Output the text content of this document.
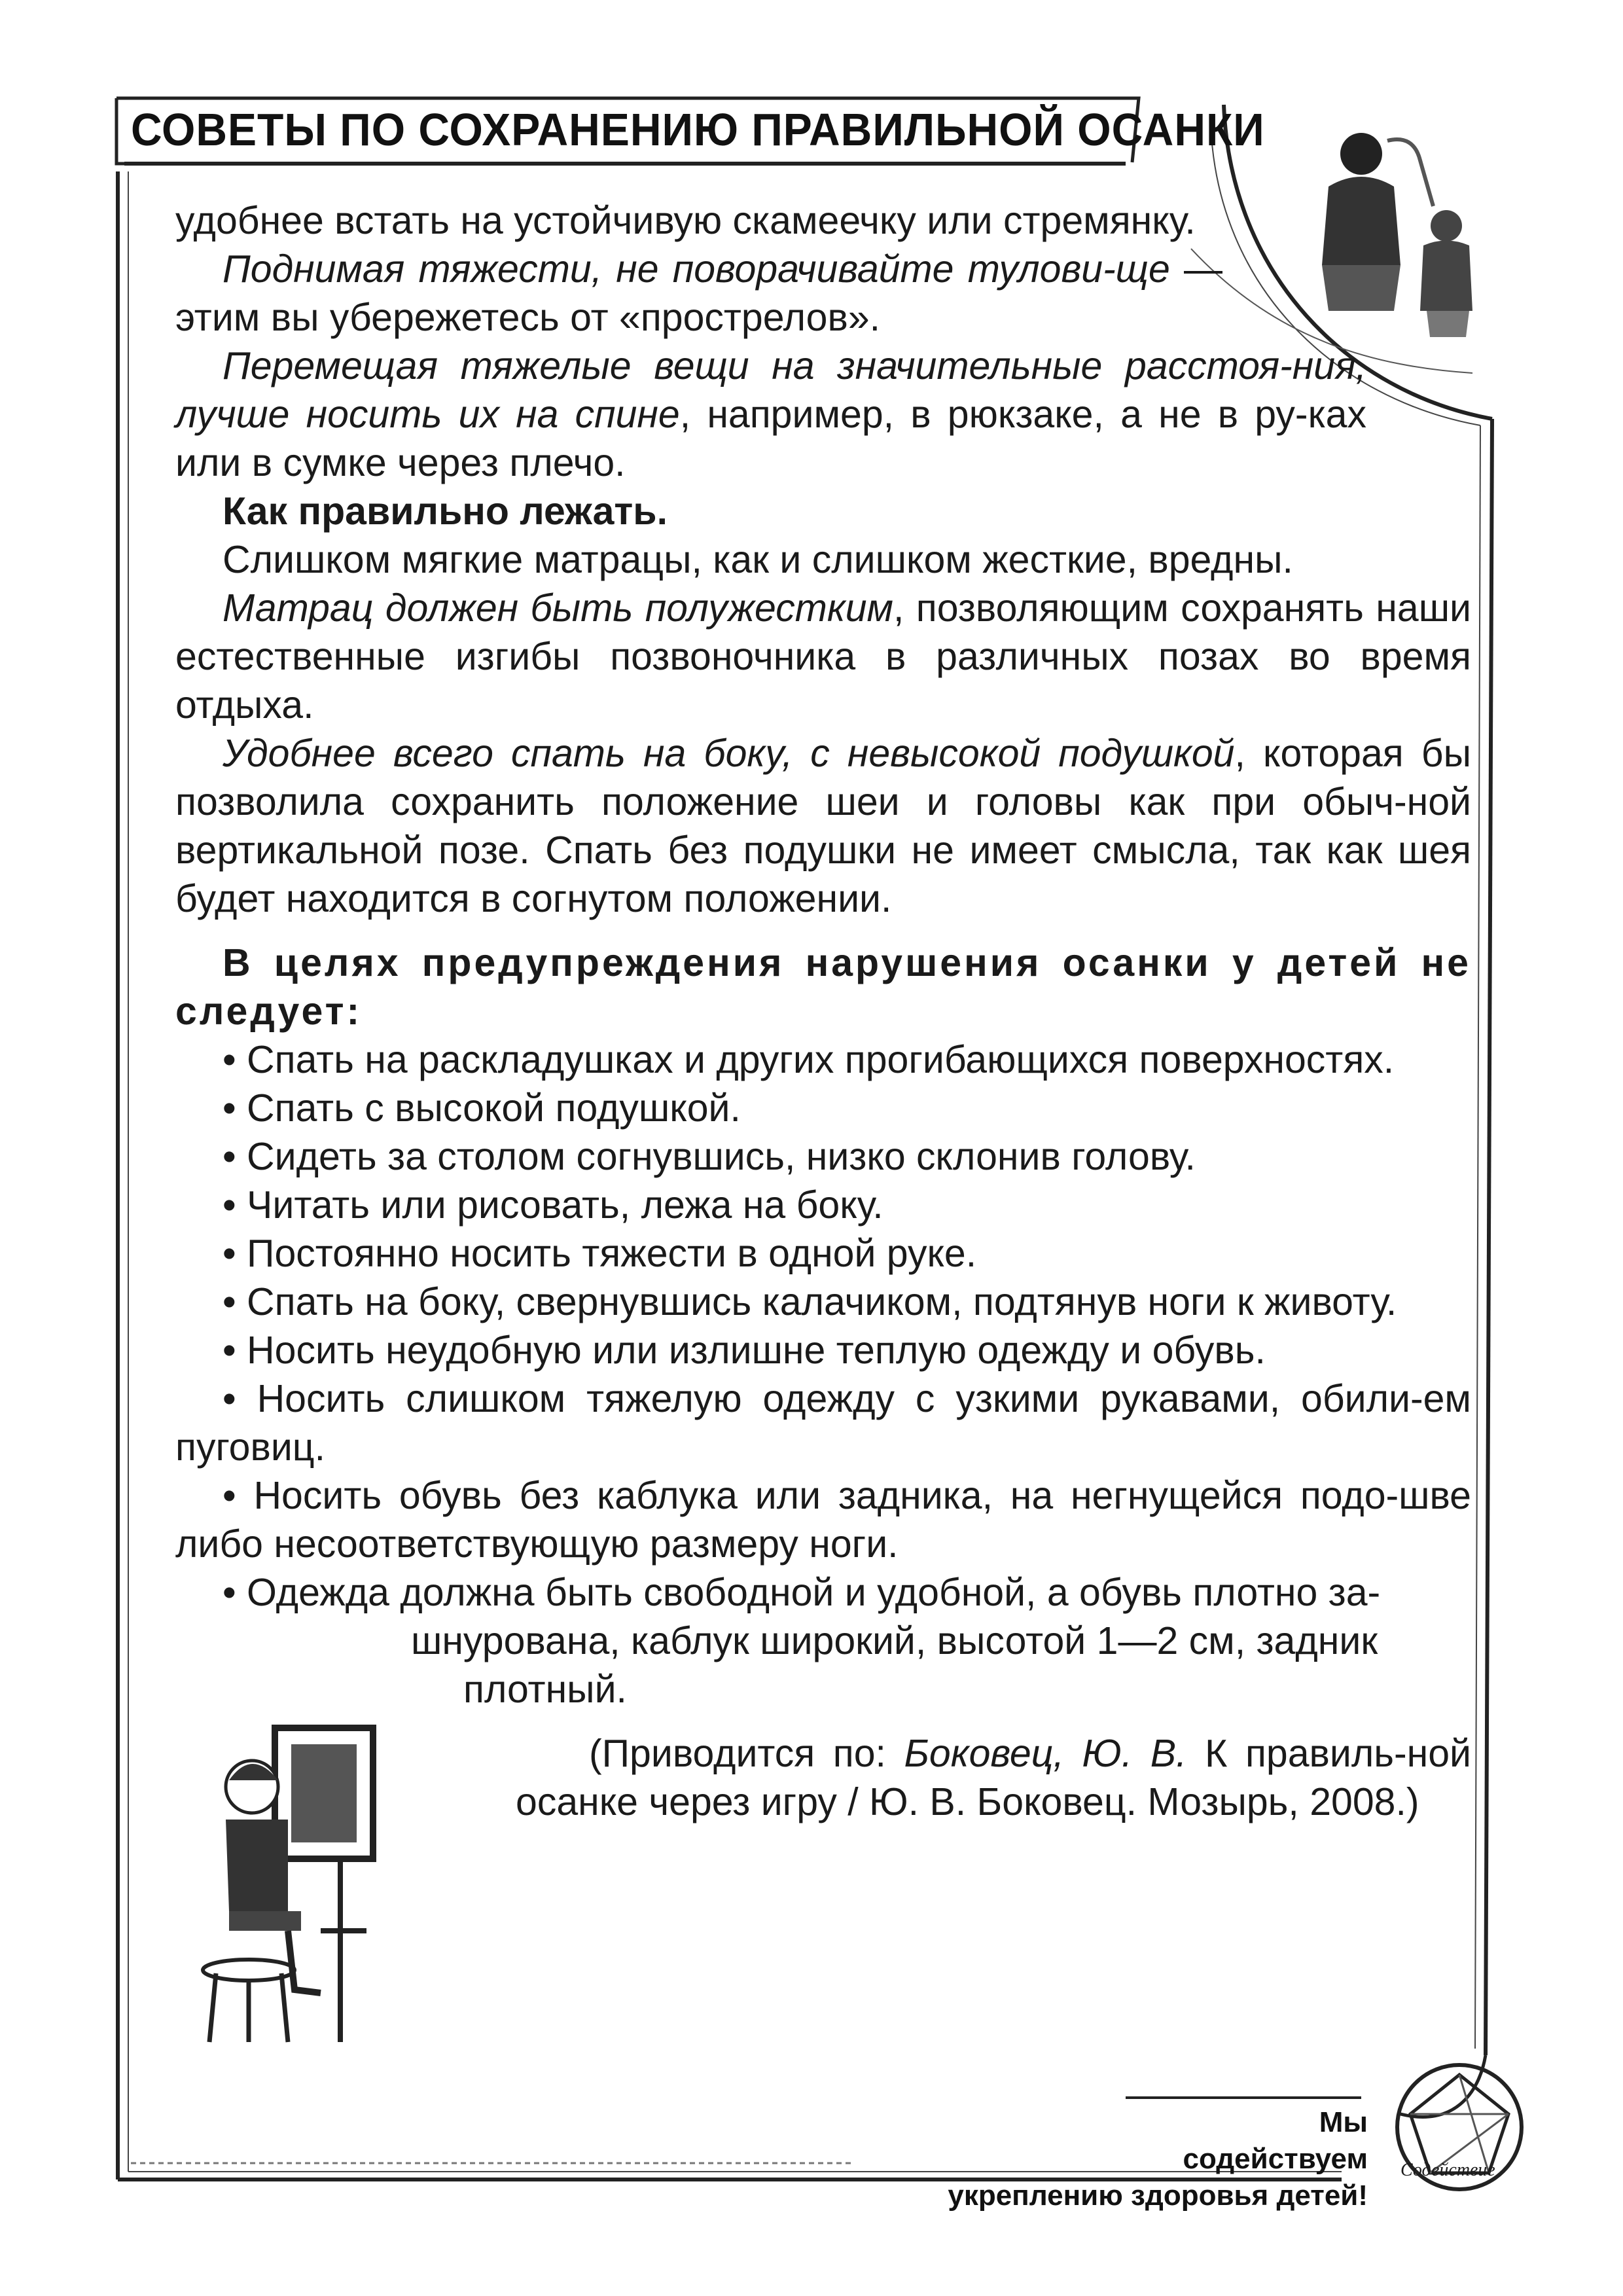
СОВЕТЫ ПО СОХРАНЕНИЮ ПРАВИЛЬНОЙ ОСАНКИ

удобнее встать на устойчивую скамеечку или стремянку.

Поднимая тяжести, не поворачивайте тулови-ще — этим вы убережетесь от «прострелов».

Перемещая тяжелые вещи на значительные расстоя-ния, лучше носить их на спине, например, в рюкзаке, а не в ру-ках или в сумке через плечо.

Как правильно лежать.

Слишком мягкие матрацы, как и слишком жесткие, вредны.

Матрац должен быть полужестким, позволяющим сохранять наши естественные изгибы позвоночника в различных позах во время отдыха.

Удобнее всего спать на боку, с невысокой подушкой, которая бы позволила сохранить положение шеи и головы как при обыч-ной вертикальной позе. Спать без подушки не имеет смысла, так как шея будет находится в согнутом положении.

В целях предупреждения нарушения осанки у детей не следует:

• Спать на раскладушках и других прогибающихся поверхностях.
• Спать с высокой подушкой.
• Сидеть за столом согнувшись, низко склонив голову.
• Читать или рисовать, лежа на боку.
• Постоянно носить тяжести в одной руке.
• Спать на боку, свернувшись калачиком, подтянув ноги к животу.
• Носить неудобную или излишне теплую одежду и обувь.
• Носить слишком тяжелую одежду с узкими рукавами, обили-ем пуговиц.
• Носить обувь без каблука или задника, на негнущейся подо-шве либо несоответствующую размеру ноги.

• Одежда должна быть свободной и удобной, а обувь плотно за-

шнурована, каблук широкий, высотой 1—2 см, задник

плотный.

(Приводится по: Боковец, Ю. В. К правиль-ной осанке через игру / Ю. В. Боковец. Мозырь, 2008.)

Мы
содействуем
укреплению здоровья детей!
Содействие
